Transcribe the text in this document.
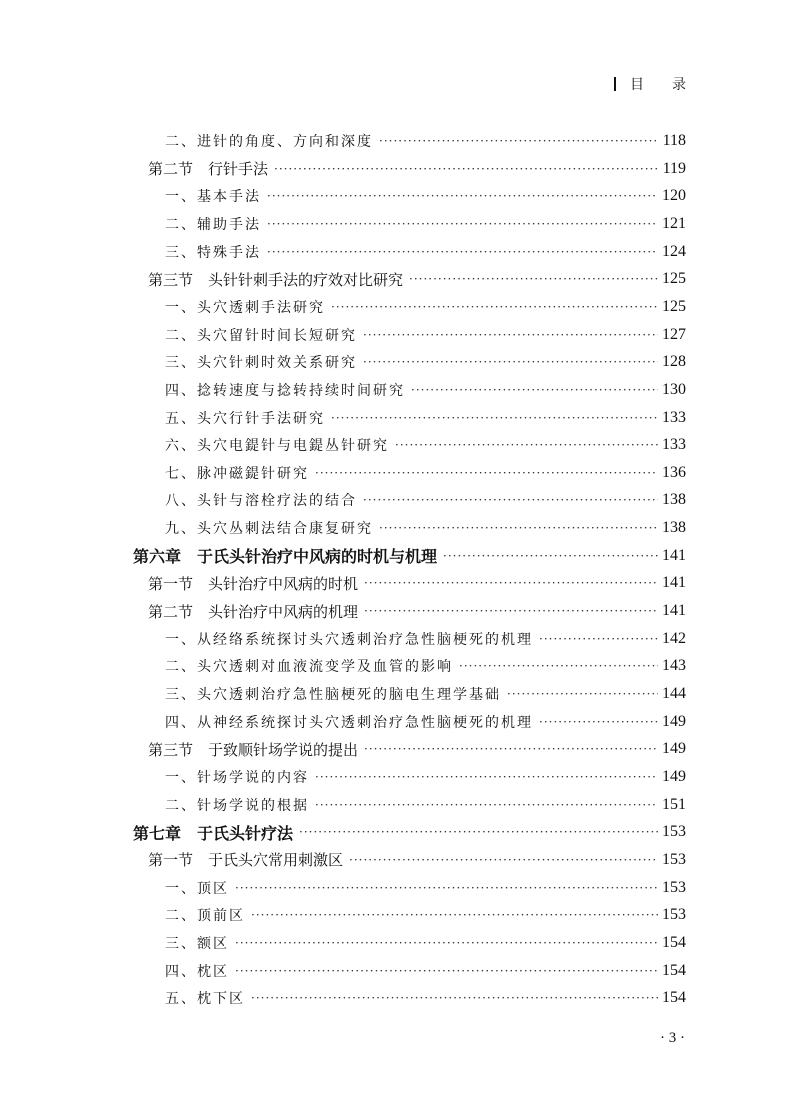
目 录
二、进针的角度、方向和深度 ·····	118
第二节　行针手法 ·····	119
一、基本手法 ·····	120
二、辅助手法 ·····	121
三、特殊手法 ·····	124
第三节　头针针刺手法的疗效对比研究 ·····	125
一、头穴透刺手法研究 ·····	125
二、头穴留针时间长短研究 ·····	127
三、头穴针刺时效关系研究 ·····	128
四、捻转速度与捻转持续时间研究 ·····	130
五、头穴行针手法研究 ·····	133
六、头穴电鍉针与电鍉丛针研究 ·····	133
七、脉冲磁鍉针研究 ·····	136
八、头针与溶栓疗法的结合 ·····	138
九、头穴丛刺法结合康复研究 ·····	138
第六章　于氏头针治疗中风病的时机与机理 ·····	141
第一节　头针治疗中风病的时机 ·····	141
第二节　头针治疗中风病的机理 ·····	141
一、从经络系统探讨头穴透刺治疗急性脑梗死的机理 ·····	142
二、头穴透刺对血液流变学及血管的影响 ·····	143
三、头穴透刺治疗急性脑梗死的脑电生理学基础 ·····	144
四、从神经系统探讨头穴透刺治疗急性脑梗死的机理 ·····	149
第三节　于致顺针场学说的提出 ·····	149
一、针场学说的内容 ·····	149
二、针场学说的根据 ·····	151
第七章　于氏头针疗法 ·····	153
第一节　于氏头穴常用刺激区 ·····	153
一、顶区 ·····	153
二、顶前区 ·····	153
三、额区 ·····	154
四、枕区 ·····	154
五、枕下区 ·····	154
· 3 ·
